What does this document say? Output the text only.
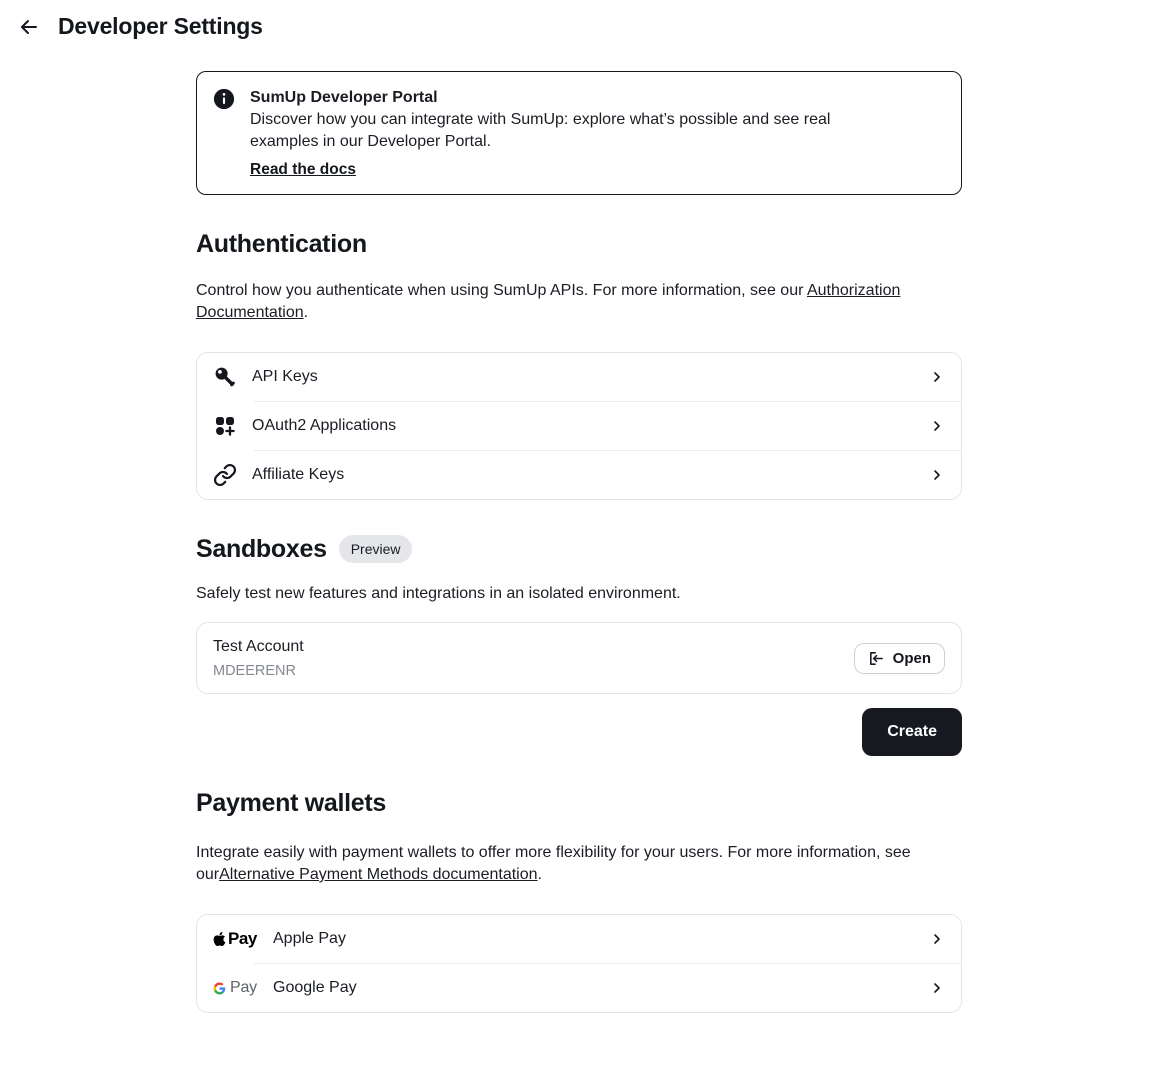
Developer Settings
SumUp Developer Portal
Discover how you can integrate with SumUp: explore what’s possible and see real examples in our Developer Portal.
Read the docs
Authentication

Control how you authenticate when using SumUp APIs. For more information, see our Authorization Documentation.

API Keys
OAuth2 Applications
Affiliate Keys
Sandboxes	Preview

Safely test new features and integrations in an isolated environment.

Test Account
MDEERENR
Open
Create
Payment wallets

Integrate easily with payment wallets to offer more flexibility for your users. For more information, see ourAlternative Payment Methods documentation.

Pay Apple Pay
Pay Google Pay
